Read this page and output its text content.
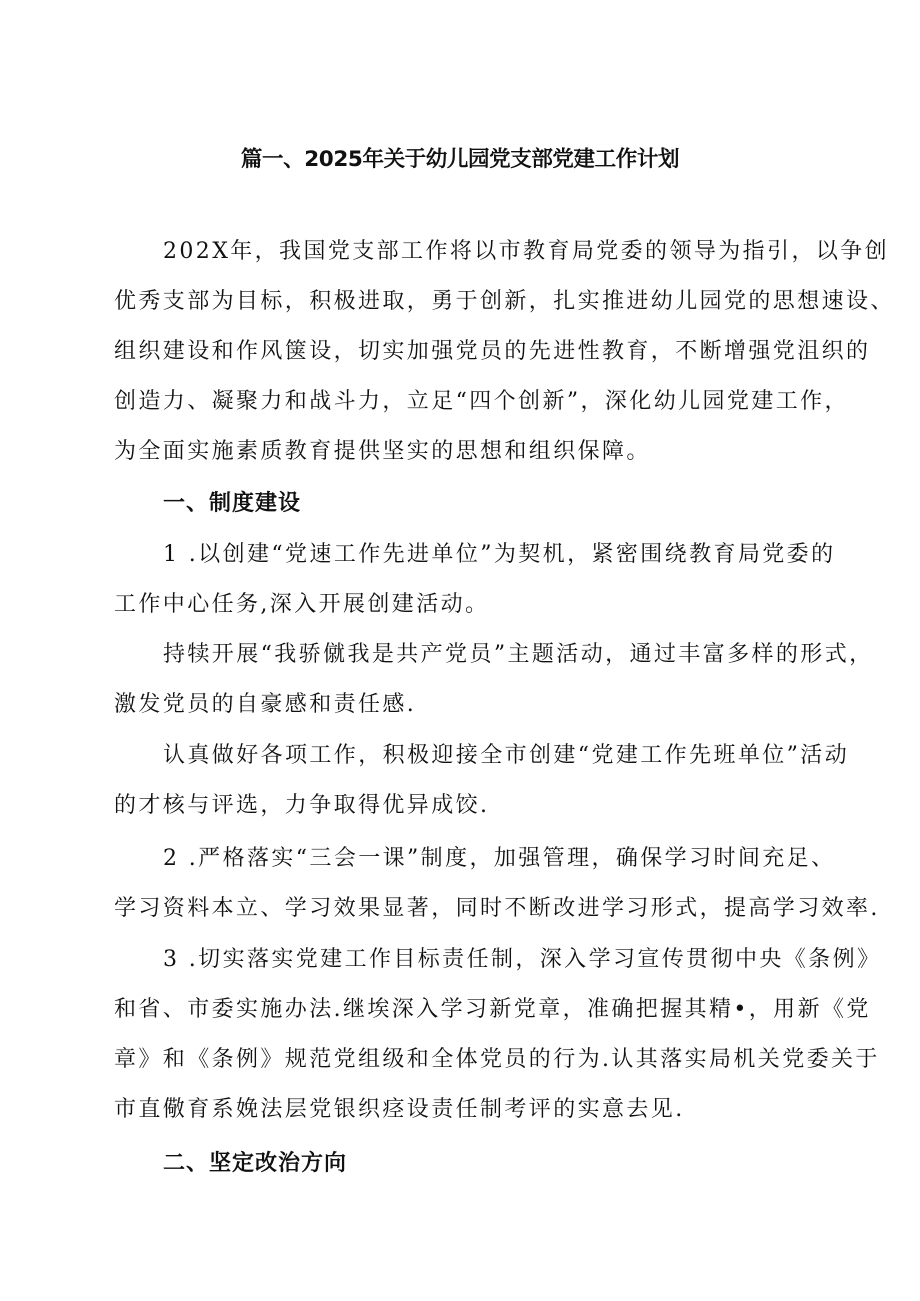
篇一、2025年关于幼儿园党支部党建工作计划
202X年，我国党支部工作将以市教育局党委的领导为指引，以争创
优秀支部为目标，积极进取，勇于创新，扎实推进幼儿园党的思想速设、
组织建设和作风箧设，切实加强党员的先进性教育，不断增强党沮织的
创造力、凝聚力和战斗力，立足“四个创新”，深化幼儿园党建工作，
为全面实施素质教育提供坚实的思想和组织保障。
一、制度建设
1 .以创建“党速工作先进单位”为契机，紧密围绕教育局党委的
工作中心任务,深入开展创建活动。
持犊开展“我骄僦我是共产党员”主题活动，通过丰富多样的形式，
激发党员的自豪感和责任感.
认真做好各项工作，积极迎接全市创建“党建工作先班单位”活动
的才核与评选，力争取得优异成饺.
2 .严格落实“三会一课”制度，加强管理，确保学习时间充足、
学习资料本立、学习效果显著，同时不断改进学习形式，提高学习效率.
3 .切实落实党建工作目标责任制，深入学习宣传贯彻中央《条例》
和省、市委实施办法.继埃深入学习新党章，准确把握其精•，用新《党
章》和《条例》规范党组级和全体党员的行为.认其落实局机关党委关于
市直儆育系娩法层党银织痉设责任制考评的实意去见.
二、坚定改治方向
